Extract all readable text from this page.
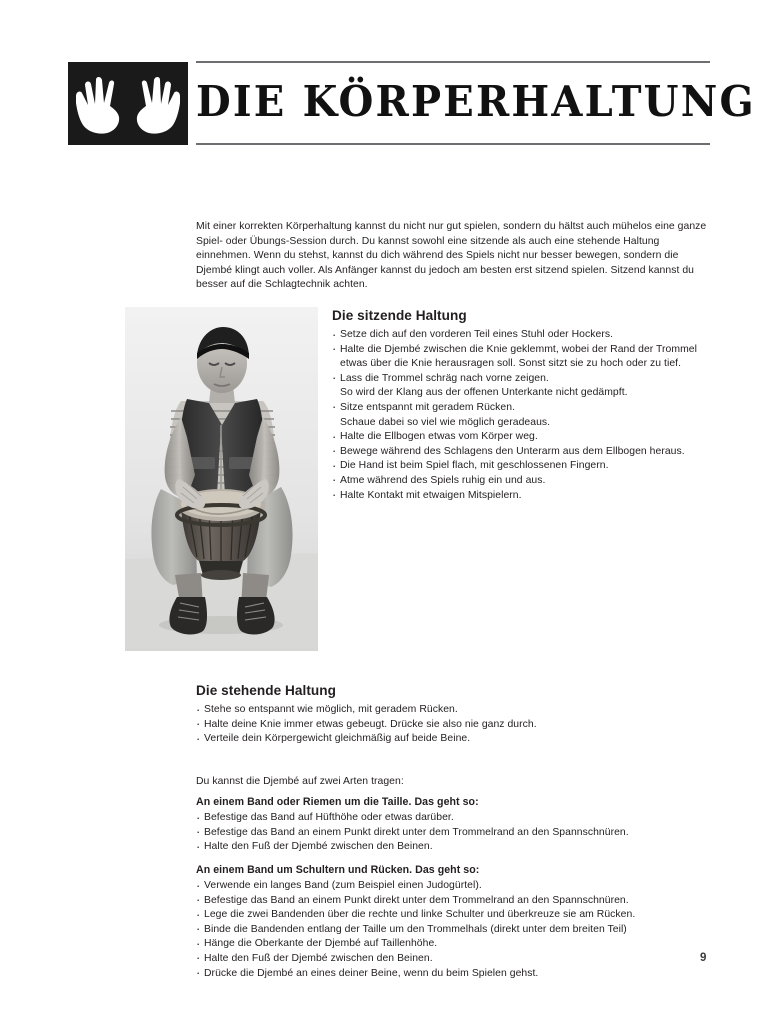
DIE KÖRPERHALTUNG

Mit einer korrekten Körperhaltung kannst du nicht nur gut spielen, sondern du hältst auch mühelos eine ganze Spiel- oder Übungs-Session durch. Du kannst sowohl eine sitzende als auch eine stehende Haltung einnehmen. Wenn du stehst, kannst du dich während des Spiels nicht nur besser bewegen, sondern die Djembé klingt auch voller. Als Anfänger kannst du jedoch am besten erst sitzend spielen. Sitzend kannst du besser auf die Schlagtechnik achten.

Die sitzende Haltung
· Setze dich auf den vorderen Teil eines Stuhl oder Hockers.
· Halte die Djembé zwischen die Knie geklemmt, wobei der Rand der Trommel etwas über die Knie herausragen soll. Sonst sitzt sie zu hoch oder zu tief.
· Lass die Trommel schräg nach vorne zeigen.
So wird der Klang aus der offenen Unterkante nicht gedämpft.
· Sitze entspannt mit geradem Rücken.
Schaue dabei so viel wie möglich geradeaus.
· Halte die Ellbogen etwas vom Körper weg.
· Bewege während des Schlagens den Unterarm aus dem Ellbogen heraus.
· Die Hand ist beim Spiel flach, mit geschlossenen Fingern.
· Atme während des Spiels ruhig ein und aus.
· Halte Kontakt mit etwaigen Mitspielern.
Die stehende Haltung
· Stehe so entspannt wie möglich, mit geradem Rücken.
· Halte deine Knie immer etwas gebeugt. Drücke sie also nie ganz durch.
· Verteile dein Körpergewicht gleichmäßig auf beide Beine.

Du kannst die Djembé auf zwei Arten tragen:

An einem Band oder Riemen um die Taille. Das geht so:
· Befestige das Band auf Hüfthöhe oder etwas darüber.
· Befestige das Band an einem Punkt direkt unter dem Trommelrand an den Spannschnüren.
· Halte den Fuß der Djembé zwischen den Beinen.
An einem Band um Schultern und Rücken. Das geht so:
· Verwende ein langes Band (zum Beispiel einen Judogürtel).
· Befestige das Band an einem Punkt direkt unter dem Trommelrand an den Spannschnüren.
· Lege die zwei Bandenden über die rechte und linke Schulter und überkreuze sie am Rücken.
· Binde die Bandenden entlang der Taille um den Trommelhals (direkt unter dem breiten Teil)
· Hänge die Oberkante der Djembé auf Taillenhöhe.
· Halte den Fuß der Djembé zwischen den Beinen.
· Drücke die Djembé an eines deiner Beine, wenn du beim Spielen gehst.
9
